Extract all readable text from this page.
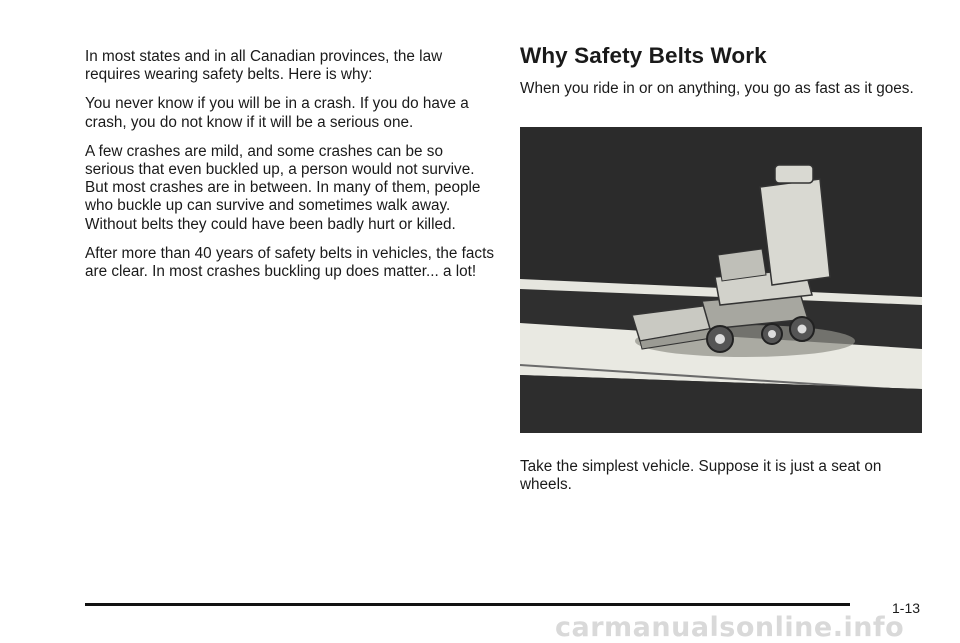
In most states and in all Canadian provinces, the law requires wearing safety belts. Here is why:

You never know if you will be in a crash. If you do have a crash, you do not know if it will be a serious one.

A few crashes are mild, and some crashes can be so serious that even buckled up, a person would not survive. But most crashes are in between. In many of them, people who buckle up can survive and sometimes walk away. Without belts they could have been badly hurt or killed.

After more than 40 years of safety belts in vehicles, the facts are clear. In most crashes buckling up does matter... a lot!

Why Safety Belts Work

When you ride in or on anything, you go as fast as it goes.

Take the simplest vehicle. Suppose it is just a seat on wheels.

1-13
carmanualsonline.info
